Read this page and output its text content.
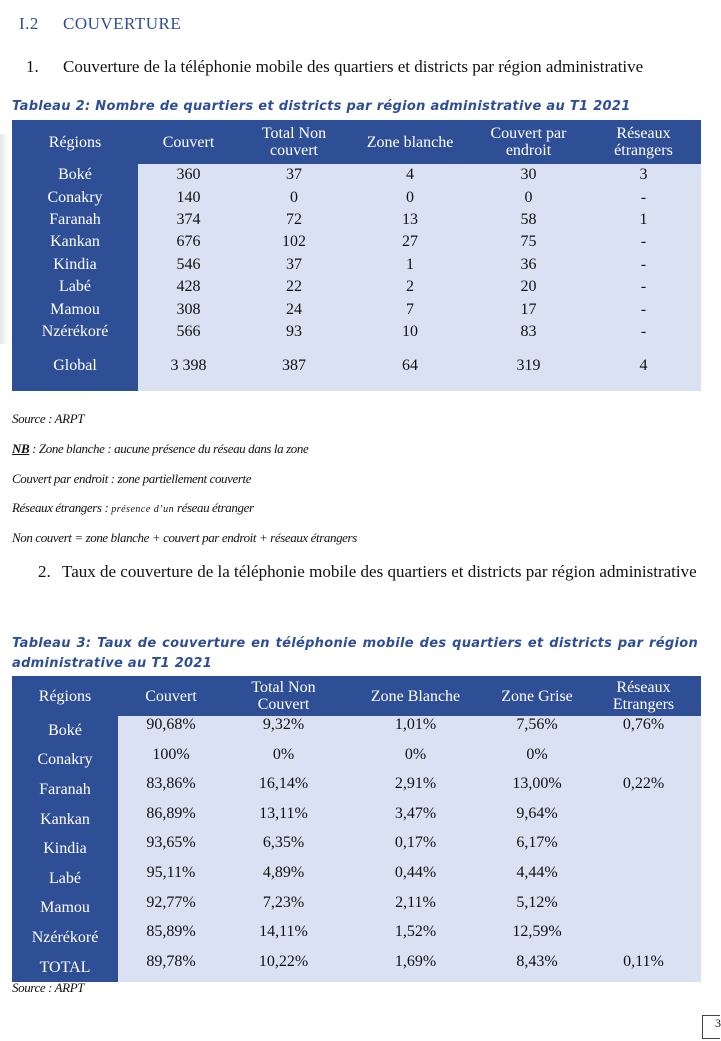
I.2 COUVERTURE
1. Couverture de la téléphonie mobile des quartiers et districts par région administrative
Tableau 2: Nombre de quartiers et districts par région administrative au T1 2021
Régions	Couvert	Total Non couvert	Zone blanche	Couvert par endroit	Réseaux étrangers
Boké	360	37	4	30	3
Conakry	140	0	0	0	-
Faranah	374	72	13	58	1
Kankan	676	102	27	75	-
Kindia	546	37	1	36	-
Labé	428	22	2	20	-
Mamou	308	24	7	17	-
Nzérékoré	566	93	10	83	-

Global	3 398	387	64	319	4
Source : ARPT
NB : Zone blanche : aucune présence du réseau dans la zone
Couvert par endroit : zone partiellement couverte
Réseaux étrangers : présence d’un réseau étranger
Non couvert = zone blanche + couvert par endroit + réseaux étrangers
2. Taux de couverture de la téléphonie mobile des quartiers et districts par région administrative
Tableau 3: Taux de couverture en téléphonie mobile des quartiers et districts par région
administrative au T1 2021
Régions	Couvert	Total Non Couvert	Zone Blanche	Zone Grise	Réseaux Etrangers
Boké	90,68%	9,32%	1,01%	7,56%	0,76%
Conakry	100%	0%	0%	0%	
Faranah	83,86%	16,14%	2,91%	13,00%	0,22%
Kankan	86,89%	13,11%	3,47%	9,64%	
Kindia	93,65%	6,35%	0,17%	6,17%	
Labé	95,11%	4,89%	0,44%	4,44%	
Mamou	92,77%	7,23%	2,11%	5,12%	
Nzérékoré	85,89%	14,11%	1,52%	12,59%	
TOTAL	89,78%	10,22%	1,69%	8,43%	0,11%
Source : ARPT
3
